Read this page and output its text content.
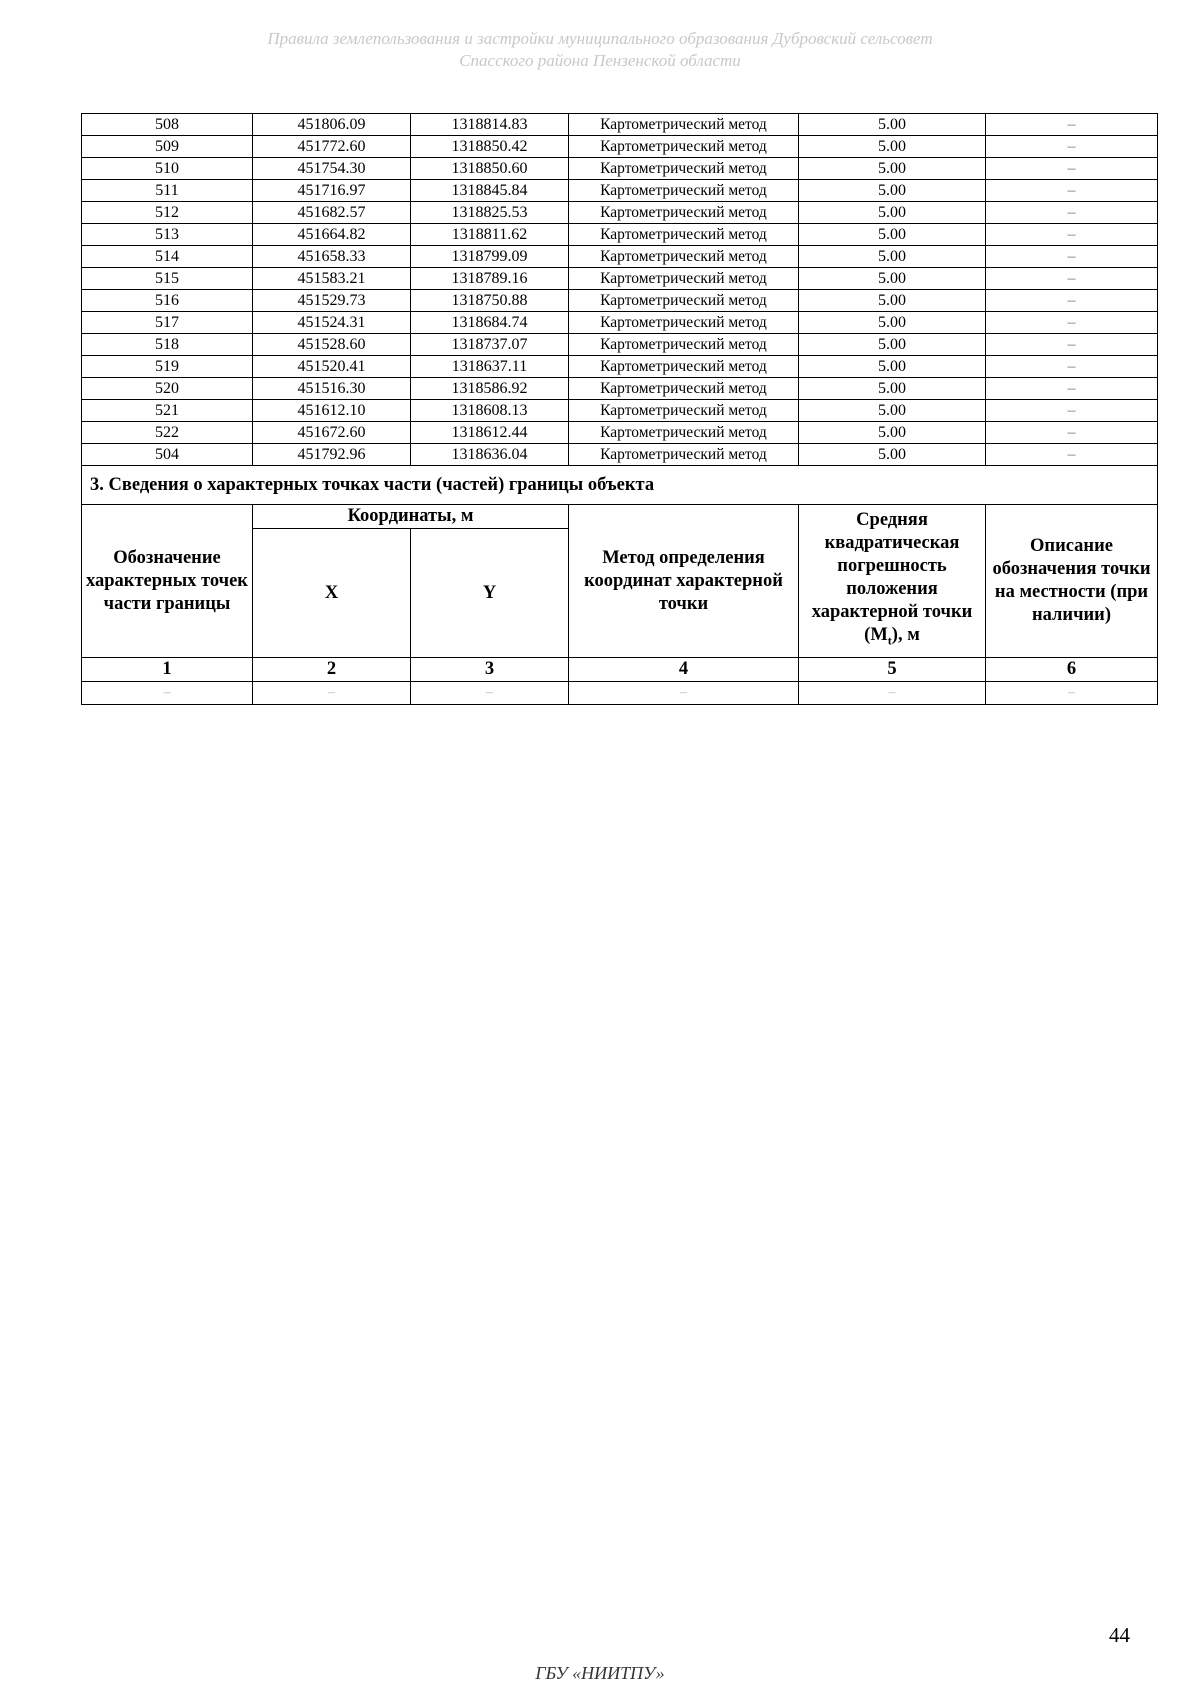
Правила землепользования и застройки муниципального образования Дубровский сельсовет
Спасского района Пензенской области
508	451806.09	1318814.83	Картометрический метод	5.00	–
509	451772.60	1318850.42	Картометрический метод	5.00	–
510	451754.30	1318850.60	Картометрический метод	5.00	–
511	451716.97	1318845.84	Картометрический метод	5.00	–
512	451682.57	1318825.53	Картометрический метод	5.00	–
513	451664.82	1318811.62	Картометрический метод	5.00	–
514	451658.33	1318799.09	Картометрический метод	5.00	–
515	451583.21	1318789.16	Картометрический метод	5.00	–
516	451529.73	1318750.88	Картометрический метод	5.00	–
517	451524.31	1318684.74	Картометрический метод	5.00	–
518	451528.60	1318737.07	Картометрический метод	5.00	–
519	451520.41	1318637.11	Картометрический метод	5.00	–
520	451516.30	1318586.92	Картометрический метод	5.00	–
521	451612.10	1318608.13	Картометрический метод	5.00	–
522	451672.60	1318612.44	Картометрический метод	5.00	–
504	451792.96	1318636.04	Картометрический метод	5.00	–
3. Сведения о характерных точках части (частей) границы объекта					
Обозначение характерных точек части границы	Координаты, м		Метод определения координат характерной точки	Средняя квадратическая погрешность положения характерной точки $(M_t)$, м	Описание обозначения точки на местности (при наличии)
	X	Y			
1	2	3	4	5	6
–	–	–	–	–	–
44
ГБУ «НИИТПУ»
